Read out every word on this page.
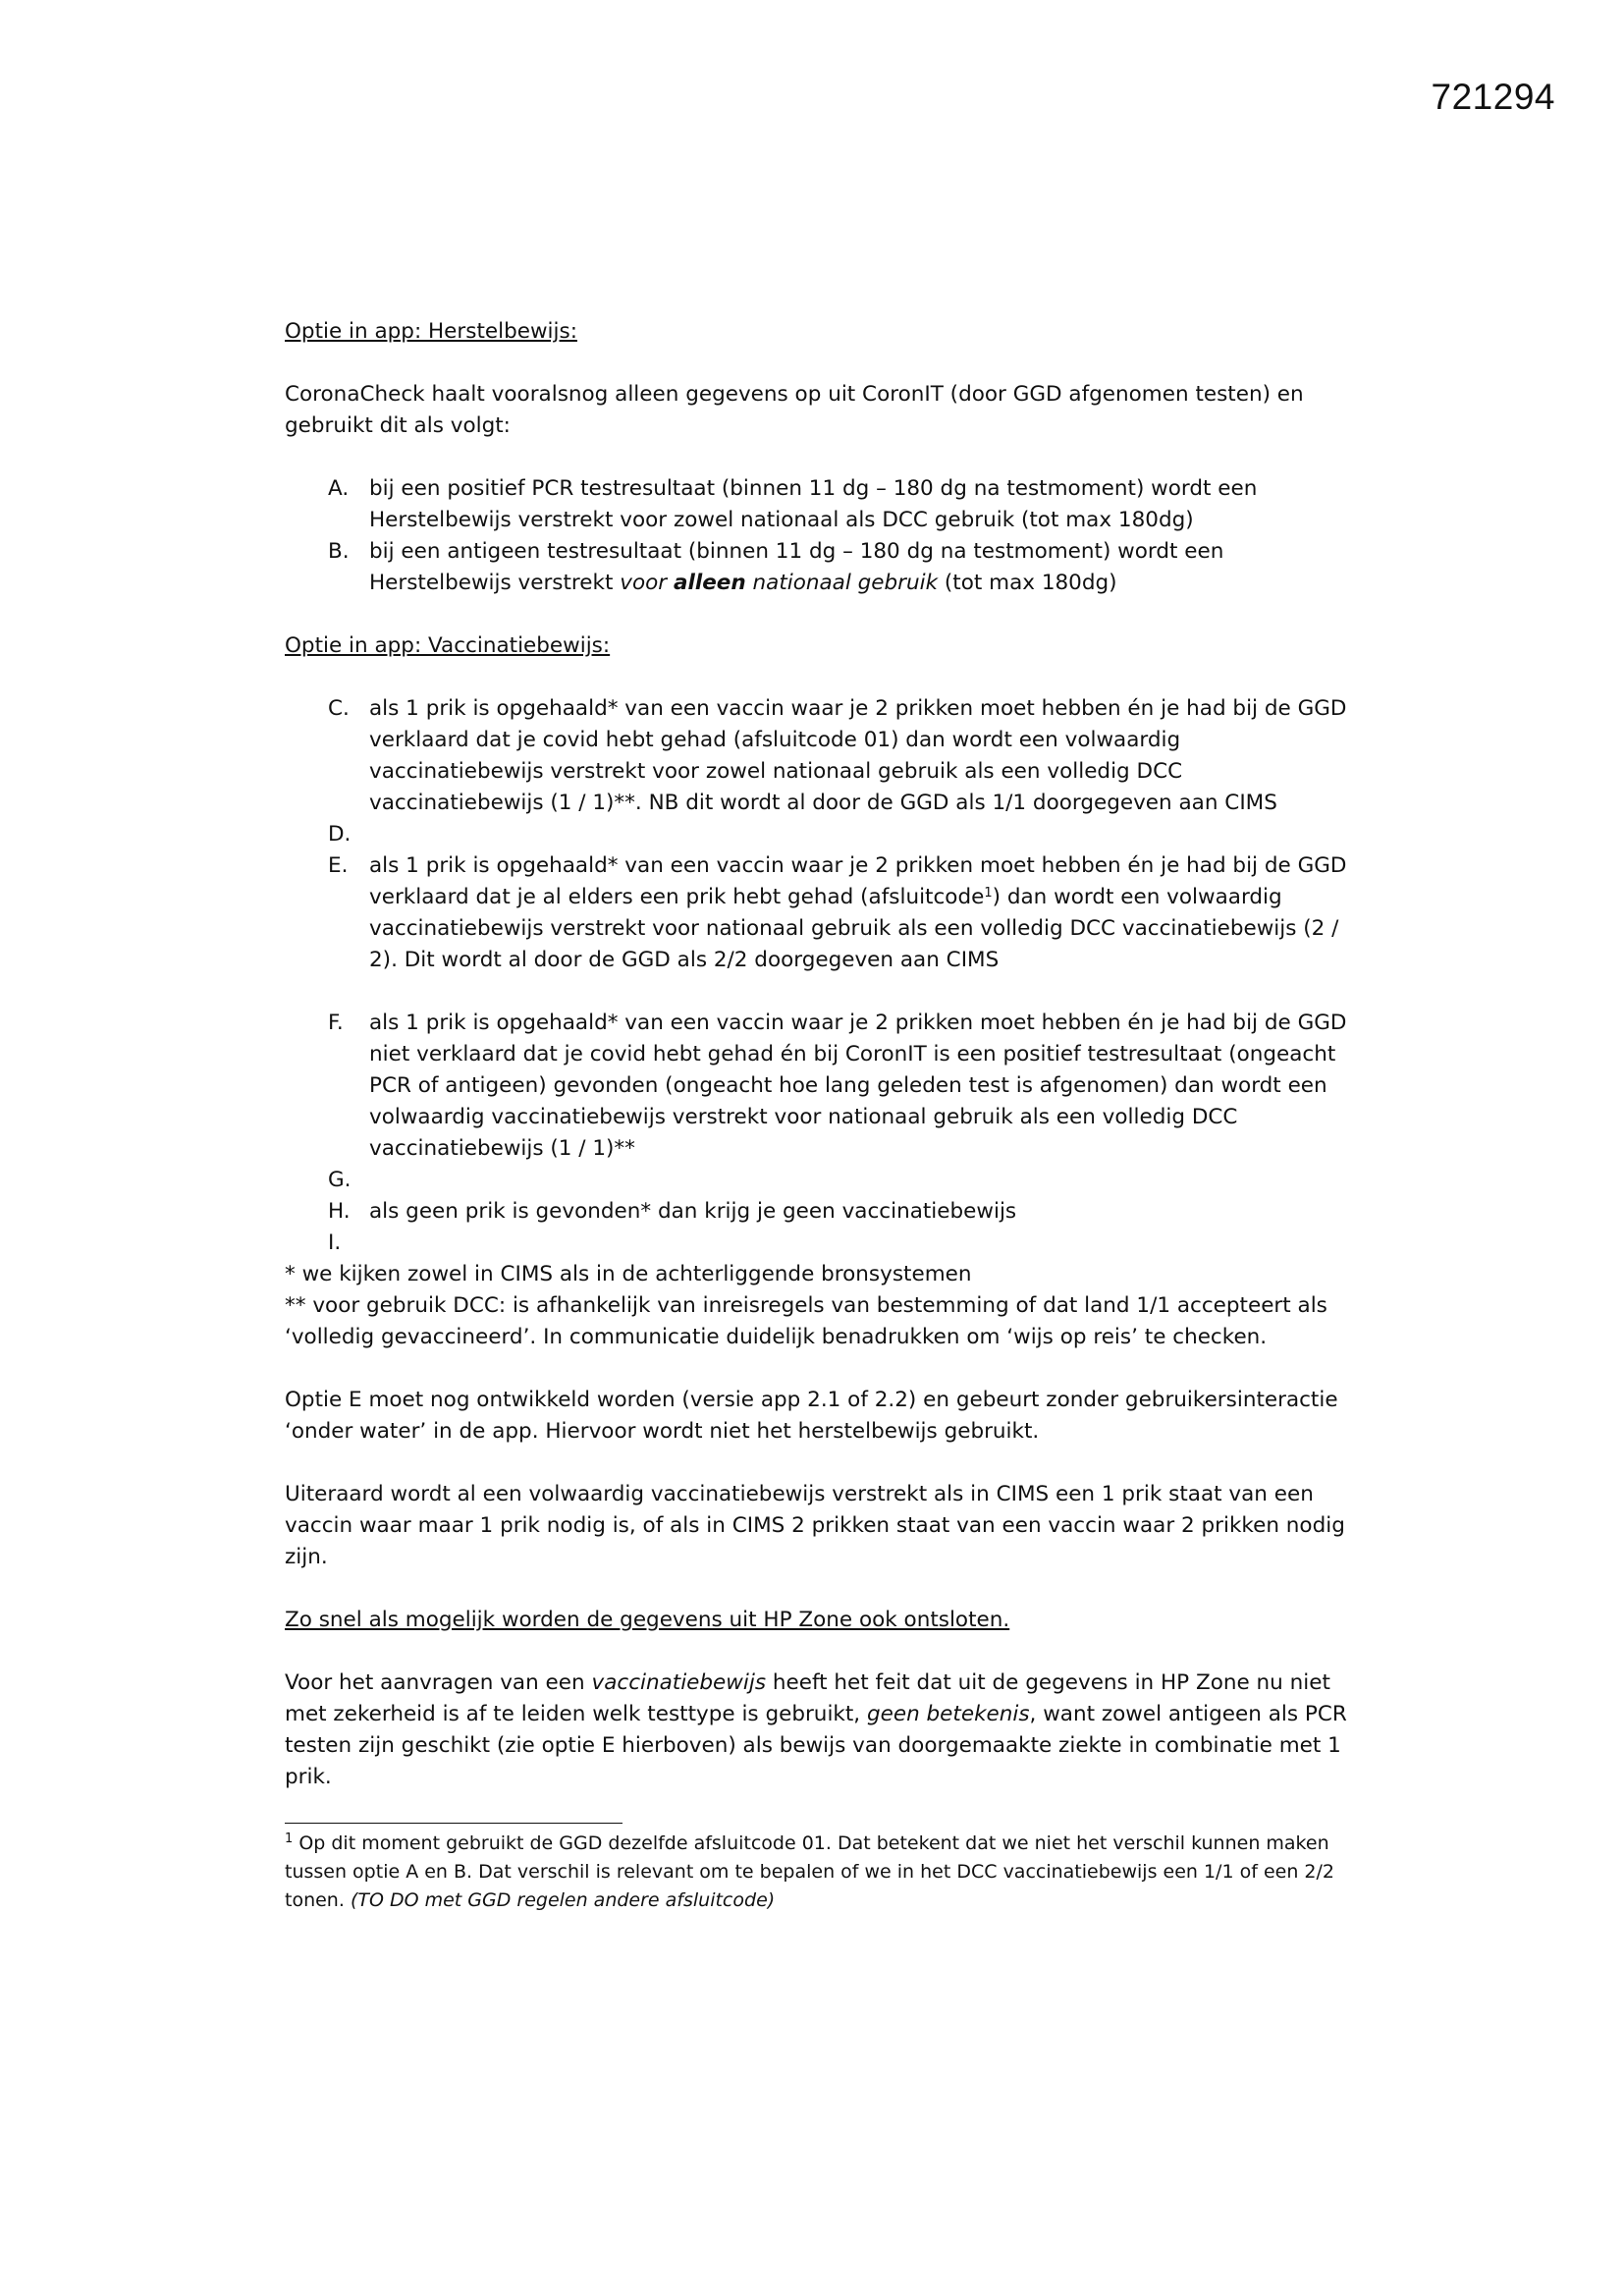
721294

Optie in app: Herstelbewijs:

CoronaCheck haalt vooralsnog alleen gegevens op uit CoronIT (door GGD afgenomen testen) en gebruikt dit als volgt:

A. bij een positief PCR testresultaat (binnen 11 dg – 180 dg na testmoment) wordt een Herstelbewijs verstrekt voor zowel nationaal als DCC gebruik (tot max 180dg)
B. bij een antigeen testresultaat (binnen 11 dg – 180 dg na testmoment) wordt een Herstelbewijs verstrekt voor alleen nationaal gebruik (tot max 180dg)

Optie in app: Vaccinatiebewijs:

C. als 1 prik is opgehaald* van een vaccin waar je 2 prikken moet hebben én je had bij de GGD verklaard dat je covid hebt gehad (afsluitcode 01) dan wordt een volwaardig vaccinatiebewijs verstrekt voor zowel nationaal gebruik als een volledig DCC vaccinatiebewijs (1 / 1)**. NB dit wordt al door de GGD als 1/1 doorgegeven aan CIMS
D.
E. als 1 prik is opgehaald* van een vaccin waar je 2 prikken moet hebben én je had bij de GGD verklaard dat je al elders een prik hebt gehad (afsluitcode$^1$) dan wordt een volwaardig vaccinatiebewijs verstrekt voor nationaal gebruik als een volledig DCC vaccinatiebewijs (2 / 2). Dit wordt al door de GGD als 2/2 doorgegeven aan CIMS
F. als 1 prik is opgehaald* van een vaccin waar je 2 prikken moet hebben én je had bij de GGD niet verklaard dat je covid hebt gehad én bij CoronIT is een positief testresultaat (ongeacht PCR of antigeen) gevonden (ongeacht hoe lang geleden test is afgenomen) dan wordt een volwaardig vaccinatiebewijs verstrekt voor nationaal gebruik als een volledig DCC vaccinatiebewijs (1 / 1)**
G.
H. als geen prik is gevonden* dan krijg je geen vaccinatiebewijs
I.

* we kijken zowel in CIMS als in de achterliggende bronsystemen

** voor gebruik DCC: is afhankelijk van inreisregels van bestemming of dat land 1/1 accepteert als ‘volledig gevaccineerd’. In communicatie duidelijk benadrukken om ‘wijs op reis’ te checken.

Optie E moet nog ontwikkeld worden (versie app 2.1 of 2.2) en gebeurt zonder gebruikersinteractie ‘onder water’ in de app. Hiervoor wordt niet het herstelbewijs gebruikt.

Uiteraard wordt al een volwaardig vaccinatiebewijs verstrekt als in CIMS een 1 prik staat van een vaccin waar maar 1 prik nodig is, of als in CIMS 2 prikken staat van een vaccin waar 2 prikken nodig zijn.

Zo snel als mogelijk worden de gegevens uit HP Zone ook ontsloten.

Voor het aanvragen van een vaccinatiebewijs heeft het feit dat uit de gegevens in HP Zone nu niet met zekerheid is af te leiden welk testtype is gebruikt, geen betekenis, want zowel antigeen als PCR testen zijn geschikt (zie optie E hierboven) als bewijs van doorgemaakte ziekte in combinatie met 1 prik.

$^1$ Op dit moment gebruikt de GGD dezelfde afsluitcode 01. Dat betekent dat we niet het verschil kunnen maken tussen optie A en B. Dat verschil is relevant om te bepalen of we in het DCC vaccinatiebewijs een 1/1 of een 2/2 tonen. (TO DO met GGD regelen andere afsluitcode)
